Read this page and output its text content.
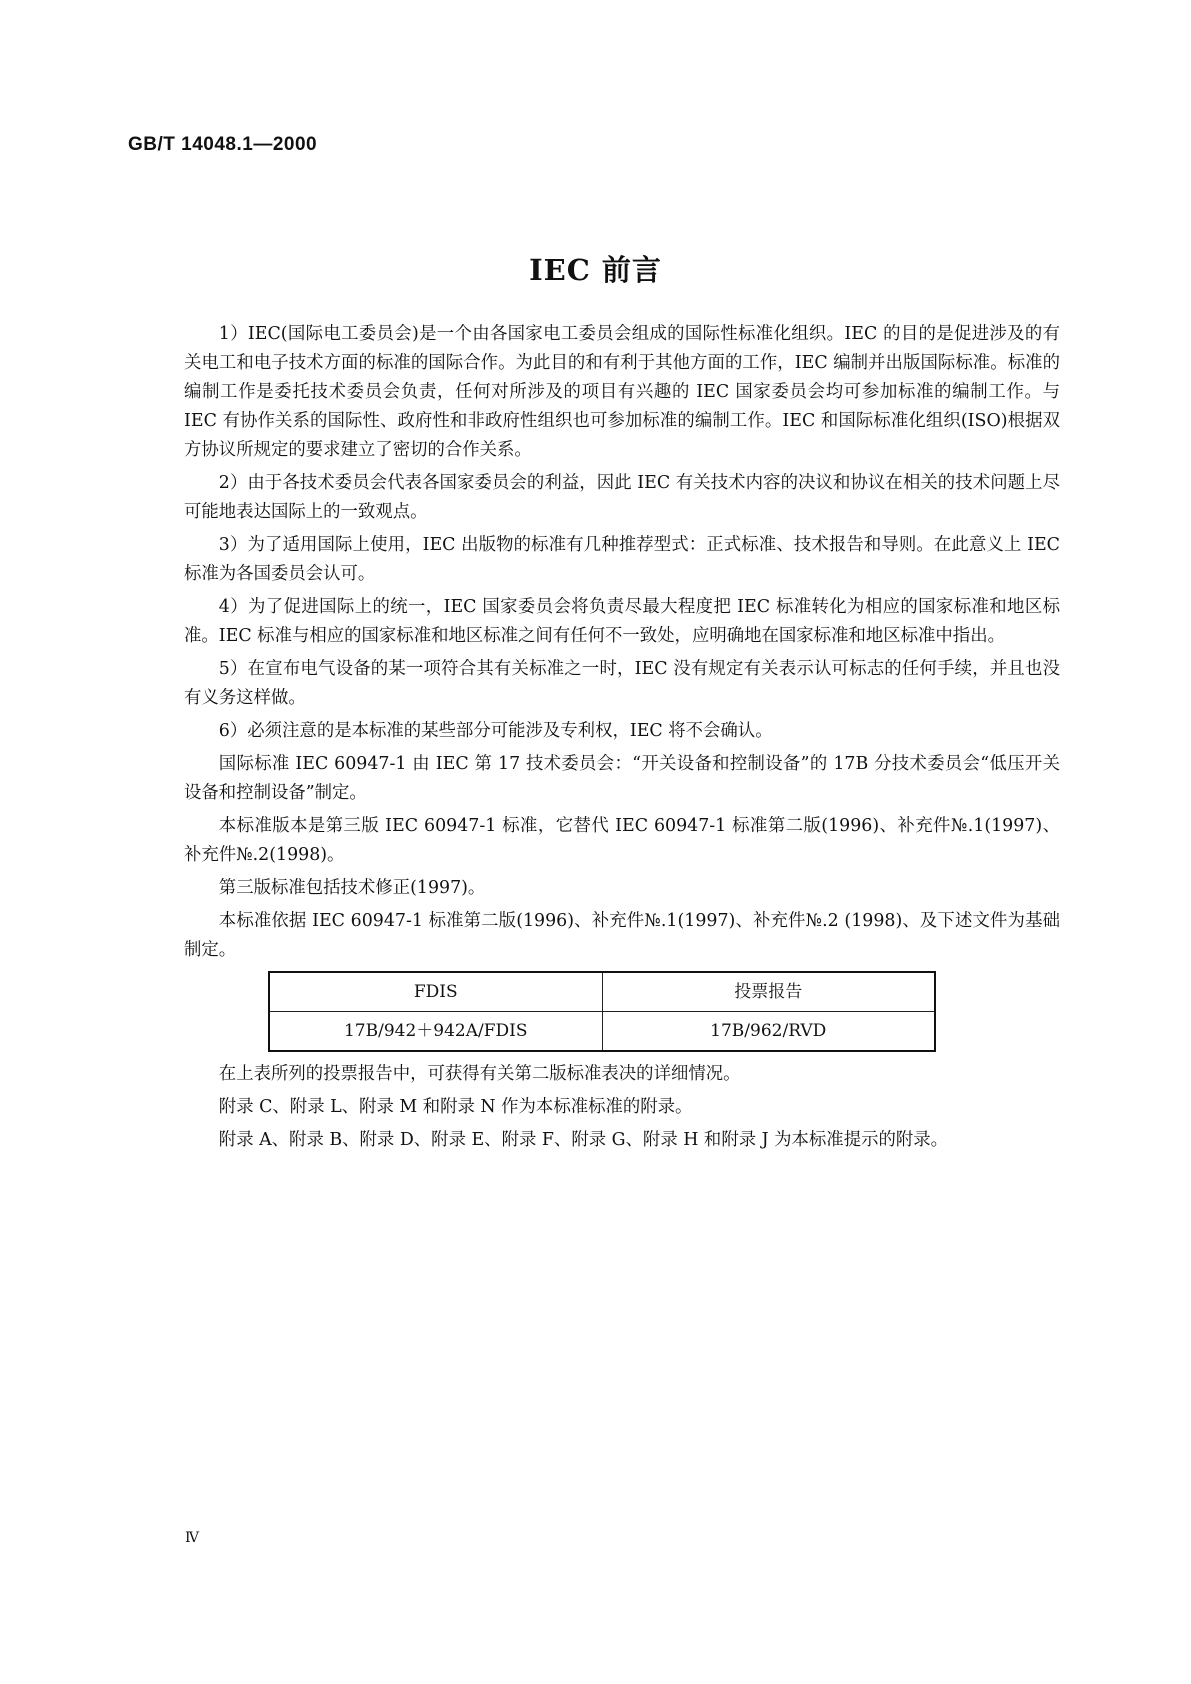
GB/T 14048.1—2000

IEC 前言

1）IEC(国际电工委员会)是一个由各国家电工委员会组成的国际性标准化组织。IEC 的目的是促进涉及的有关电工和电子技术方面的标准的国际合作。为此目的和有利于其他方面的工作，IEC 编制并出版国际标准。标准的编制工作是委托技术委员会负责，任何对所涉及的项目有兴趣的 IEC 国家委员会均可参加标准的编制工作。与 IEC 有协作关系的国际性、政府性和非政府性组织也可参加标准的编制工作。IEC 和国际标准化组织(ISO)根据双方协议所规定的要求建立了密切的合作关系。

2）由于各技术委员会代表各国家委员会的利益，因此 IEC 有关技术内容的决议和协议在相关的技术问题上尽可能地表达国际上的一致观点。

3）为了适用国际上使用，IEC 出版物的标准有几种推荐型式：正式标准、技术报告和导则。在此意义上 IEC 标准为各国委员会认可。

4）为了促进国际上的统一，IEC 国家委员会将负责尽最大程度把 IEC 标准转化为相应的国家标准和地区标准。IEC 标准与相应的国家标准和地区标准之间有任何不一致处，应明确地在国家标准和地区标准中指出。

5）在宣布电气设备的某一项符合其有关标准之一时，IEC 没有规定有关表示认可标志的任何手续，并且也没有义务这样做。

6）必须注意的是本标准的某些部分可能涉及专利权，IEC 将不会确认。

国际标准 IEC 60947-1 由 IEC 第 17 技术委员会：“开关设备和控制设备”的 17B 分技术委员会“低压开关设备和控制设备”制定。

本标准版本是第三版 IEC 60947-1 标准，它替代 IEC 60947-1 标准第二版(1996)、补充件№.1(1997)、补充件№.2(1998)。

第三版标准包括技术修正(1997)。

本标准依据 IEC 60947-1 标准第二版(1996)、补充件№.1(1997)、补充件№.2 (1998)、及下述文件为基础制定。

FDIS	投票报告
17B/942＋942A/FDIS	17B/962/RVD

在上表所列的投票报告中，可获得有关第二版标准表决的详细情况。

附录 C、附录 L、附录 M 和附录 N 作为本标准标准的附录。

附录 A、附录 B、附录 D、附录 E、附录 F、附录 G、附录 H 和附录 J 为本标准提示的附录。

Ⅳ
